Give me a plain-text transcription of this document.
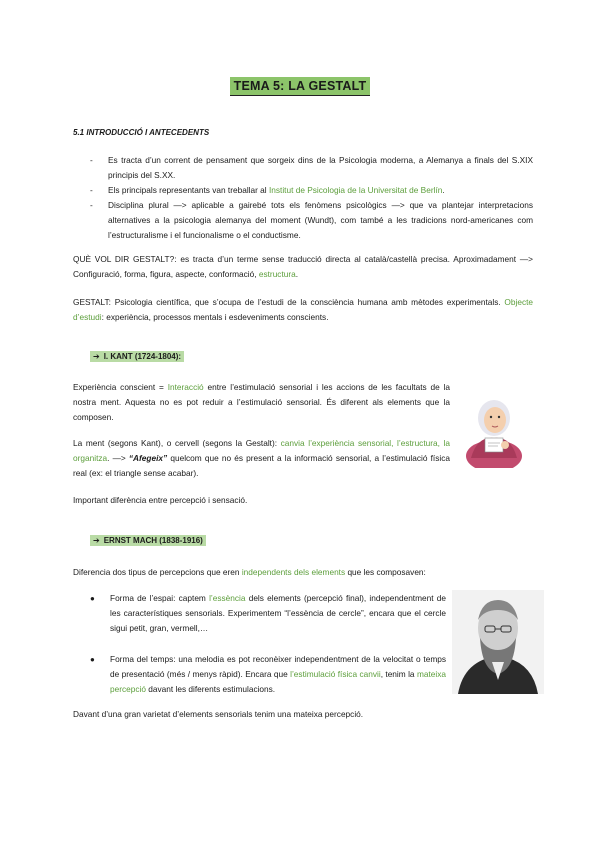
TEMA 5: LA GESTALT
5.1 INTRODUCCIÓ I ANTECEDENTS
- Es tracta d’un corrent de pensament que sorgeix dins de la Psicologia moderna, a Alemanya a finals del S.XIX principis del S.XX.
- Els principals representants van treballar al Institut de Psicologia de la Universitat de Berlín.
- Disciplina plural —> aplicable a gairebé tots els fenòmens psicològics —> que va plantejar interpretacions alternatives a la psicologia alemanya del moment (Wundt), com també a les tradicions nord-americanes com l’estructuralisme i el funcionalisme o el conductisme.
QUÈ VOL DIR GESTALT?: es tracta d’un terme sense traducció directa al català/castellà precisa. Aproximadament —> Configuració, forma, figura, aspecte, conformació, estructura.
GESTALT: Psicologia científica, que s’ocupa de l’estudi de la consciència humana amb mètodes experimentals. Objecte d’estudi: experiència, processos mentals i esdeveniments conscients.
➔ I. KANT (1724-1804):
Experiència conscient = Interacció entre l’estimulació sensorial i les accions de les facultats de la nostra ment. Aquesta no es pot reduir a l’estimulació sensorial. És diferent als elements que la composen.
La ment (segons Kant), o cervell (segons la Gestalt): canvia l’experiència sensorial, l’estructura, la organitza. —> “Afegeix” quelcom que no és present a la informació sensorial, a l’estimulació física real (ex: el triangle sense acabar).
Important diferència entre percepció i sensació.
➔ ERNST MACH (1838-1916)
Diferencia dos tipus de percepcions que eren independents dels elements que les composaven:
● Forma de l’espai: captem l’essència dels elements (percepció final), independentment de les característiques sensorials. Experimentem “l’essència de cercle”, encara que el cercle sigui petit, gran, vermell,…
● Forma del temps: una melodia es pot reconèixer independentment de la velocitat o temps de presentació (més / menys ràpid). Encara que l’estimulació física canvii, tenim la mateixa percepció davant les diferents estimulacions.
Davant d’una gran varietat d’elements sensorials tenim una mateixa percepció.
